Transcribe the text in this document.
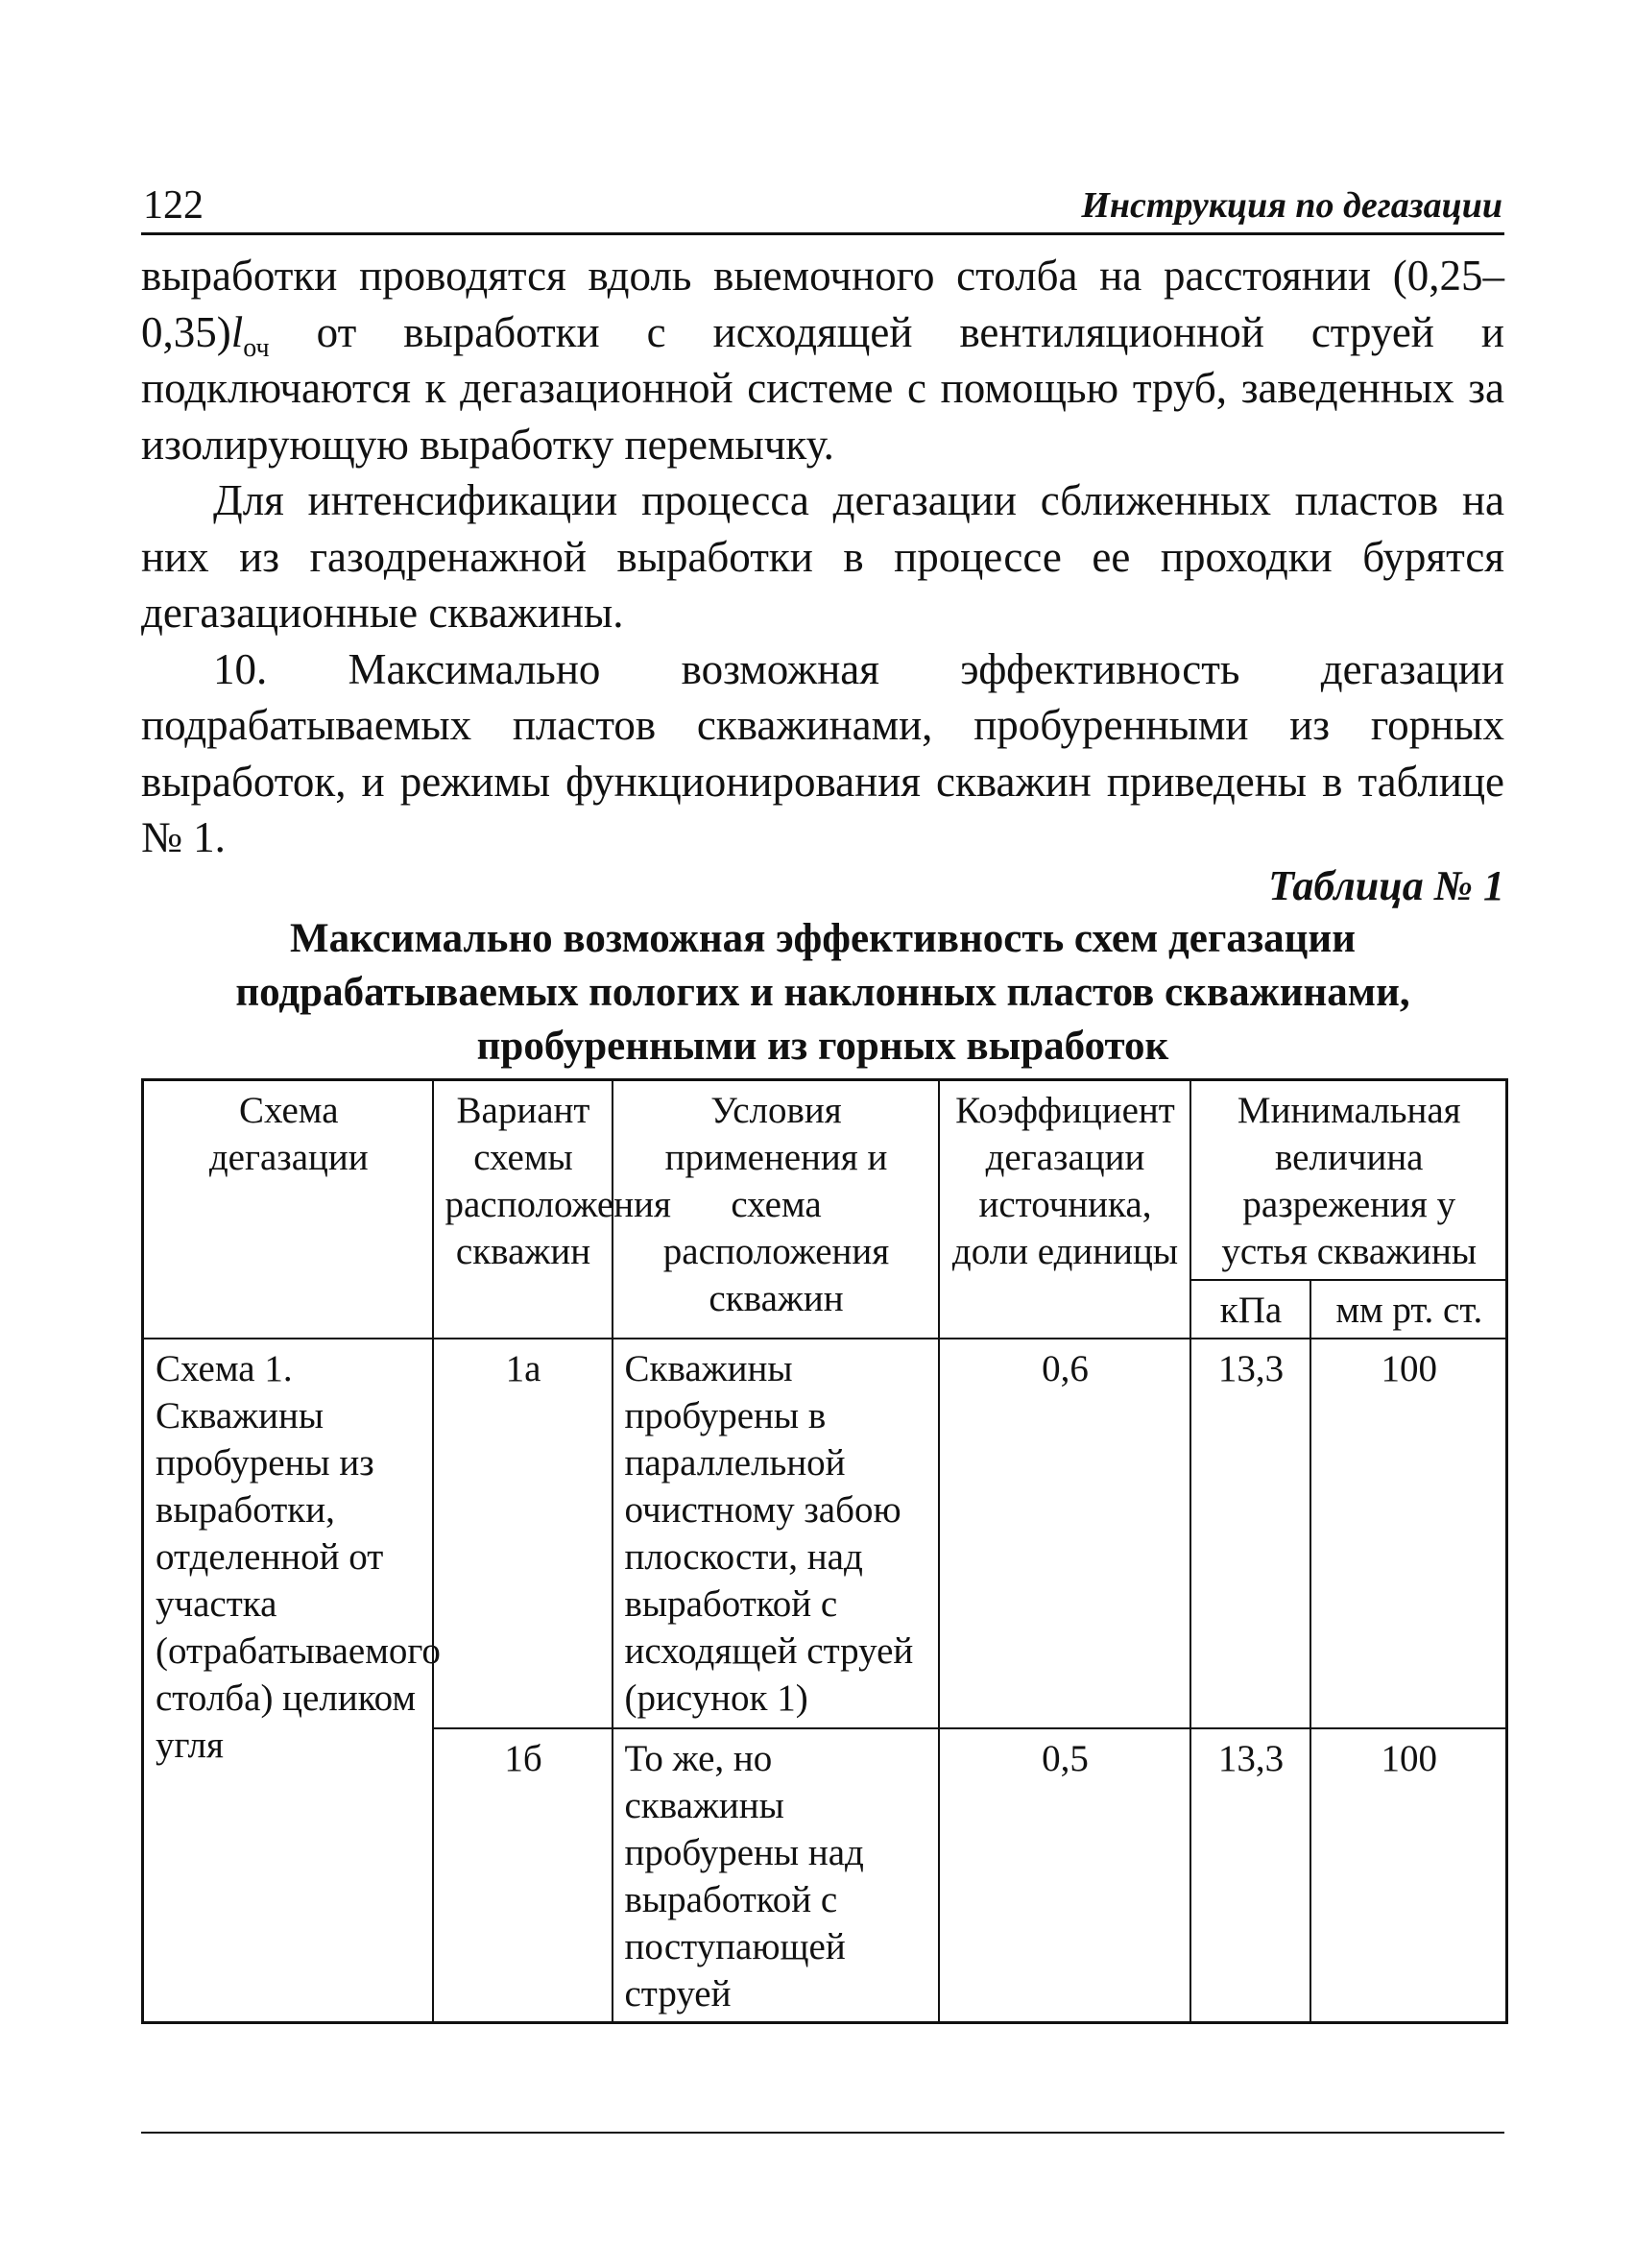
122	Инструкция по дегазации

выработки проводятся вдоль выемочного столба на расстоянии $(0,25-0,35)l_{оч}$ от выработки с исходящей вентиляционной струей и подключаются к дегазационной системе с помощью труб, заведенных за изолирующую выработку перемычку.

Для интенсификации процесса дегазации сближенных пластов на них из газодренажной выработки в процессе ее проходки бурятся дегазационные скважины.

10. Максимально возможная эффективность дегазации подрабатываемых пластов скважинами, пробуренными из горных выработок, и режимы функционирования скважин приведены в таблице № 1.

Таблица № 1
Максимально возможная эффективность схем дегазации
подрабатываемых пологих и наклонных пластов скважинами,
пробуренными из горных выработок
Схема дегазации	Вариант схемы расположения скважин	Условия применения и схема расположения скважин	Коэффициент дегазации источника, доли единицы	Минимальная величина разрежения у устья скважины	
				кПа	мм рт. ст.
Схема 1. Скважины пробурены из выработки, отделенной от участка (отрабатываемого столба) целиком угля	1а	Скважины пробурены в параллельной очистному забою плоскости, над выработкой с исходящей струей (рисунок 1)	0,6	13,3	100
	1б	То же, но скважины пробурены над выработкой с поступающей струей	0,5	13,3	100
